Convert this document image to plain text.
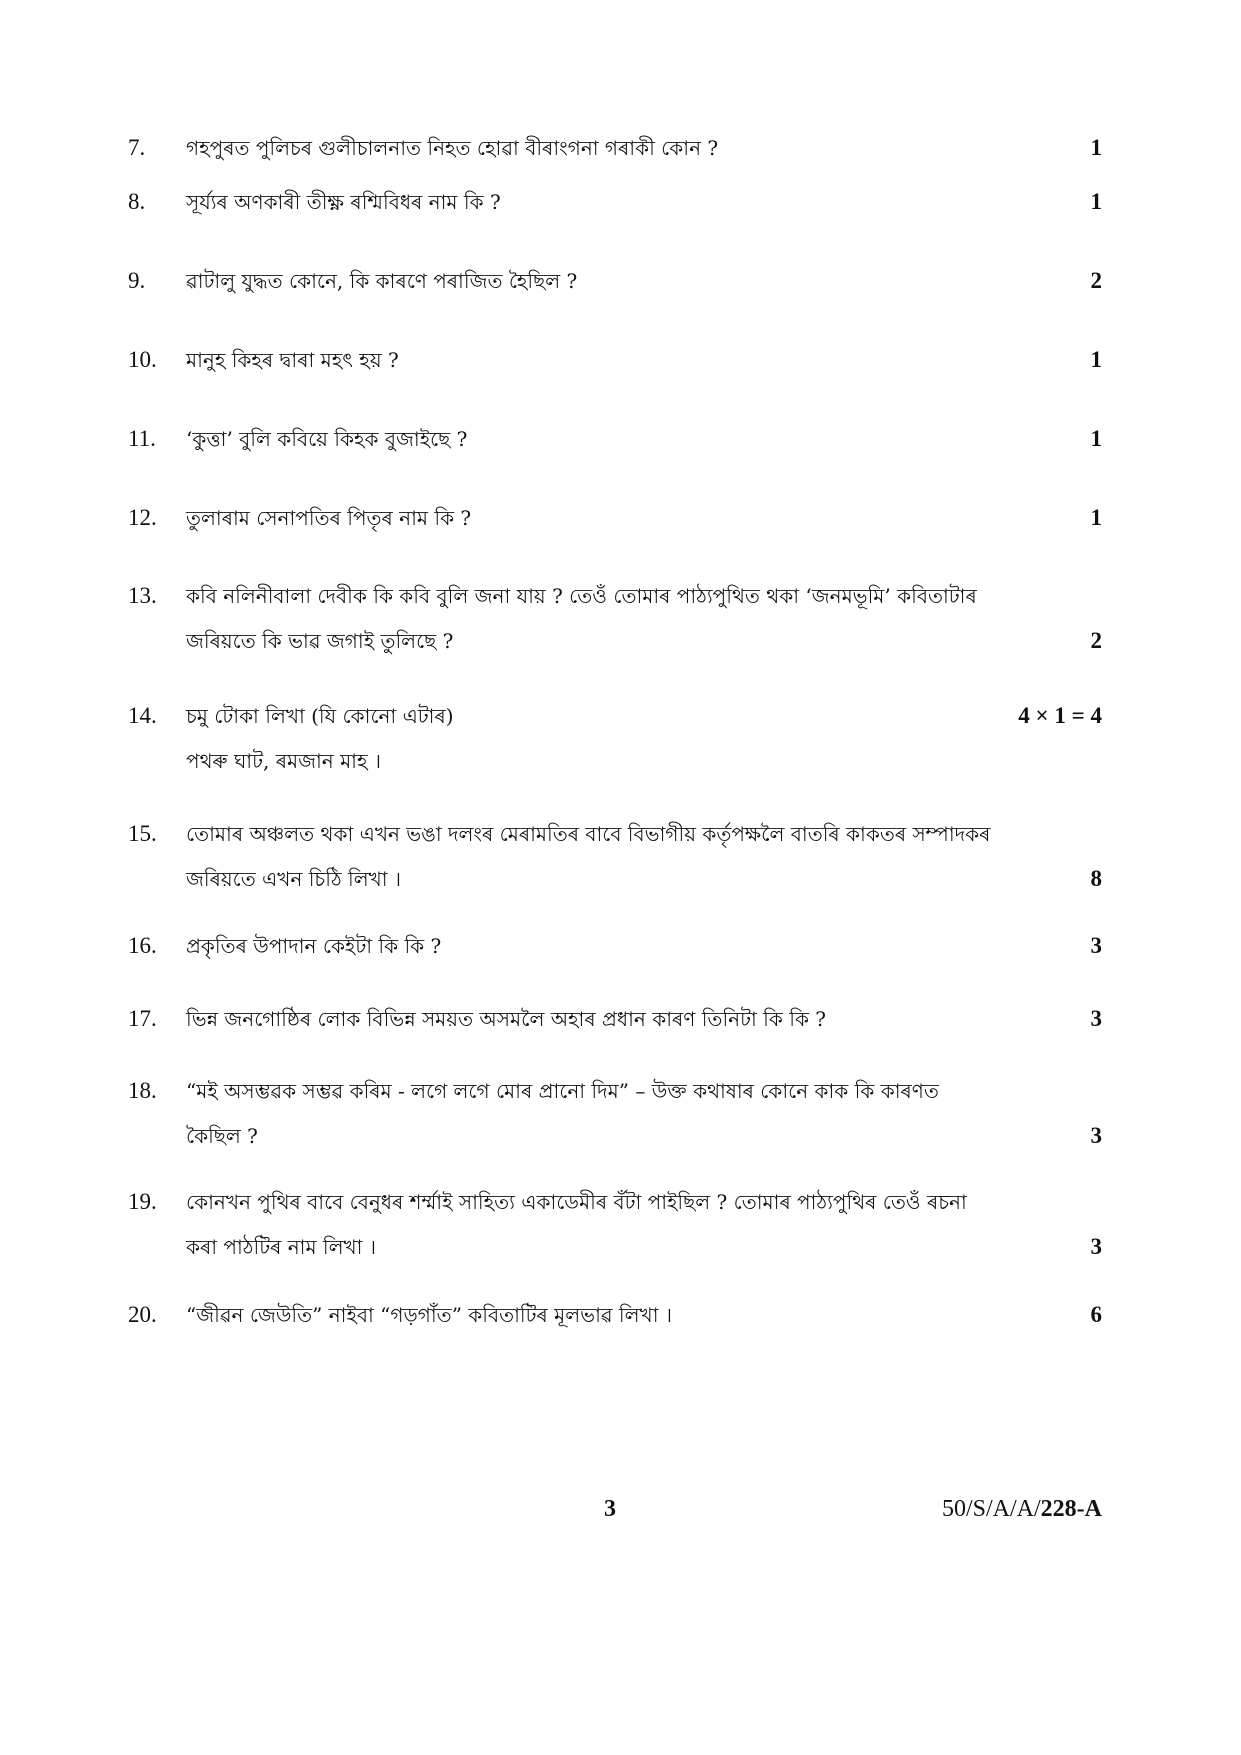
3	50/S/A/A/228-A
7. গহপুৰত পুলিচৰ গুলীচালনাত নিহত হোৱা বীৰাংগনা গৰাকী কোন ?	1
8. সূৰ্য্যৰ অণকাৰী তীক্ষ্ণ ৰশ্মিবিধৰ নাম কি ?	1
9. ৱাটালু যুদ্ধত কোনে, কি কাৰণে পৰাজিত হৈছিল ?	2
10. মানুহ কিহৰ দ্বাৰা মহৎ হয় ?	1
11. ‘কুত্তা’ বুলি কবিয়ে কিহক বুজাইছে ?	1
12. তুলাৰাম সেনাপতিৰ পিতৃৰ নাম কি ?	1
13. কবি নলিনীবালা দেবীক কি কবি বুলি জনা যায় ? তেওঁ তোমাৰ পাঠ্যপুথিত থকা ‘জনমভূমি’ কবিতাটাৰ
জৰিয়তে কি ভাৱ জগাই তুলিছে ?	2
14. চমু টোকা লিখা (যি কোনো এটাৰ)
পথৰু ঘাট, ৰমজান মাহ ।
4 × 1 = 4
15. তোমাৰ অঞ্চলত থকা এখন ভঙা দলংৰ মেৰামতিৰ বাবে বিভাগীয় কৰ্তৃপক্ষলৈ বাতৰি কাকতৰ সম্পাদকৰ
জৰিয়তে এখন চিঠি লিখা ।	8
16. প্ৰকৃতিৰ উপাদান কেইটা কি কি ?	3
17. ভিন্ন জনগোষ্ঠিৰ লোক বিভিন্ন সময়ত অসমলৈ অহাৰ প্ৰধান কাৰণ তিনিটা কি কি ?	3
18. “মই অসম্ভৱক সম্ভৱ কৰিম - লগে লগে মোৰ প্ৰানো দিম” – উক্ত কথাষাৰ কোনে কাক কি কাৰণত
কৈছিল ?	3
19. কোনখন পুথিৰ বাবে বেনুধৰ শৰ্ম্মাই সাহিত্য একাডেমীৰ বঁটা পাইছিল ? তোমাৰ পাঠ্যপুথিৰ তেওঁ ৰচনা
কৰা পাঠটিৰ নাম লিখা ।	3
20. “জীৱন জেউতি” নাইবা “গড়গাঁত” কবিতাটিৰ মূলভাৱ লিখা ।	6
